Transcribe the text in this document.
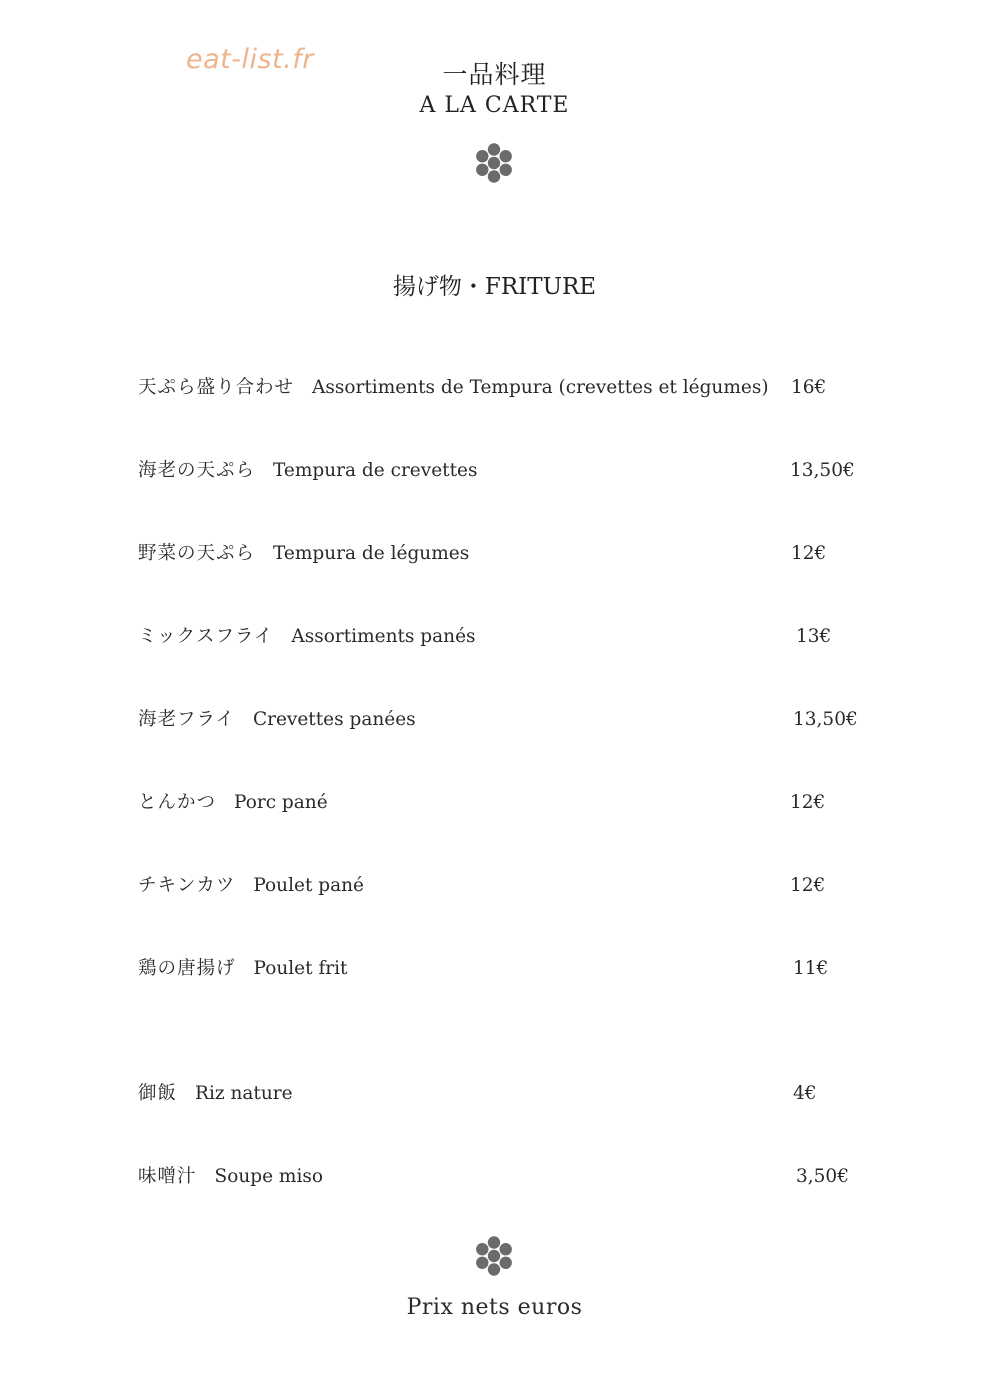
eat-list.fr	一品料理
A LA CARTE
揚げ物・FRITURE
天ぷら盛り合わせ Assortiments de Tempura (crevettes et légumes) 16€
海老の天ぷら Tempura de crevettes	13,50€
野菜の天ぷら Tempura de légumes	12€
ミックスフライ Assortiments panés	13€
海老フライ Crevettes panées	13,50€
とんかつ Porc pané	12€
チキンカツ Poulet pané	12€
鶏の唐揚げ Poulet frit	11€
御飯 Riz nature	4€
味噌汁 Soupe miso	3,50€
Prix nets euros
